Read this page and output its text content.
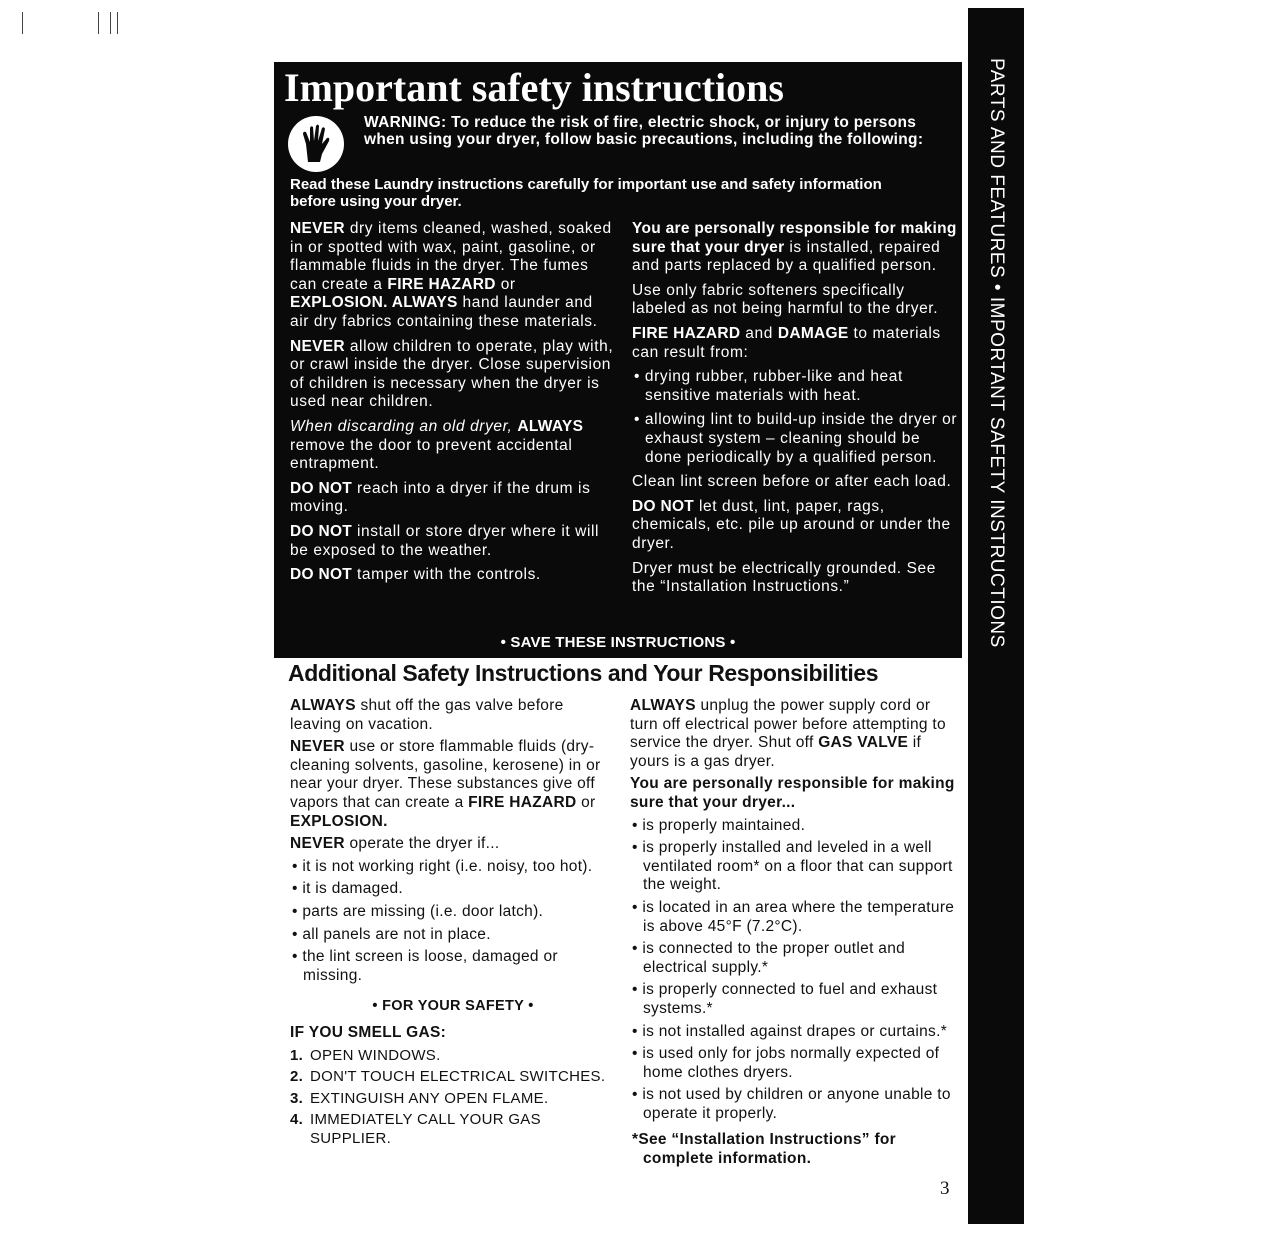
Important safety instructions
WARNING: To reduce the risk of fire, electric shock, or injury to persons when using your dryer, follow basic precautions, including the following:
Read these Laundry instructions carefully for important use and safety information before using your dryer.

NEVER dry items cleaned, washed, soaked in or spotted with wax, paint, gasoline, or flammable fluids in the dryer. The fumes can create a FIRE HAZARD or EXPLOSION. ALWAYS hand launder and air dry fabrics containing these materials.

NEVER allow children to operate, play with, or crawl inside the dryer. Close supervision of children is necessary when the dryer is used near children.

When discarding an old dryer, ALWAYS remove the door to prevent accidental entrapment.

DO NOT reach into a dryer if the drum is moving.

DO NOT install or store dryer where it will be exposed to the weather.

DO NOT tamper with the controls.

You are personally responsible for making sure that your dryer is installed, repaired and parts replaced by a qualified person.

Use only fabric softeners specifically labeled as not being harmful to the dryer.

FIRE HAZARD and DAMAGE to materials can result from:

• drying rubber, rubber-like and heat sensitive materials with heat.

• allowing lint to build-up inside the dryer or exhaust system – cleaning should be done periodically by a qualified person.

Clean lint screen before or after each load.

DO NOT let dust, lint, paper, rags, chemicals, etc. pile up around or under the dryer.

Dryer must be electrically grounded. See the “Installation Instructions.”

• SAVE THESE INSTRUCTIONS •	PARTS AND FEATURES • IMPORTANT SAFETY INSTRUCTIONS
Additional Safety Instructions and Your Responsibilities

ALWAYS shut off the gas valve before leaving on vacation.

NEVER use or store flammable fluids (dry-cleaning solvents, gasoline, kerosene) in or near your dryer. These substances give off vapors that can create a FIRE HAZARD or EXPLOSION.

NEVER operate the dryer if...

• it is not working right (i.e. noisy, too hot).

• it is damaged.

• parts are missing (i.e. door latch).

• all panels are not in place.

• the lint screen is loose, damaged or missing.

• FOR YOUR SAFETY •

IF YOU SMELL GAS:

1. OPEN WINDOWS.
2. DON'T TOUCH ELECTRICAL SWITCHES.
3. EXTINGUISH ANY OPEN FLAME.
4. IMMEDIATELY CALL YOUR GAS SUPPLIER.

ALWAYS unplug the power supply cord or turn off electrical power before attempting to service the dryer. Shut off GAS VALVE if yours is a gas dryer.

You are personally responsible for making sure that your dryer...

• is properly maintained.

• is properly installed and leveled in a well ventilated room* on a floor that can support the weight.

• is located in an area where the temperature is above 45°F (7.2°C).

• is connected to the proper outlet and electrical supply.*

• is properly connected to fuel and exhaust systems.*

• is not installed against drapes or curtains.*

• is used only for jobs normally expected of home clothes dryers.

• is not used by children or anyone unable to operate it properly.

*See “Installation Instructions” for complete information.

3
